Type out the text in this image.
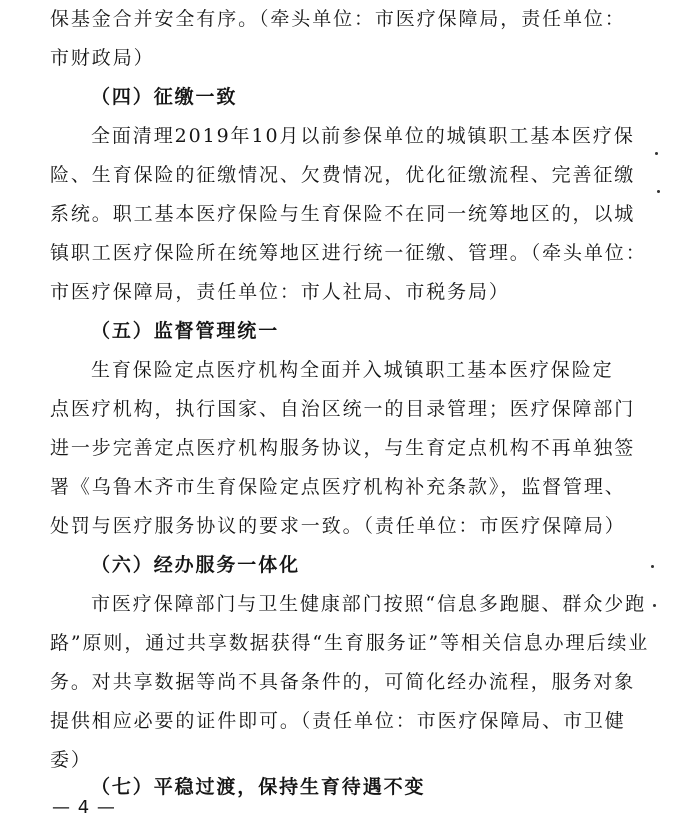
保基金合并安全有序。（牵头单位：市医疗保障局，责任单位：
市财政局）
（四）征缴一致
全面清理2019年10月以前参保单位的城镇职工基本医疗保
险、生育保险的征缴情况、欠费情况，优化征缴流程、完善征缴
系统。职工基本医疗保险与生育保险不在同一统筹地区的，以城
镇职工医疗保险所在统筹地区进行统一征缴、管理。（牵头单位：
市医疗保障局，责任单位：市人社局、市税务局）
（五）监督管理统一
生育保险定点医疗机构全面并入城镇职工基本医疗保险定
点医疗机构，执行国家、自治区统一的目录管理；医疗保障部门
进一步完善定点医疗机构服务协议，与生育定点机构不再单独签
署《乌鲁木齐市生育保险定点医疗机构补充条款》，监督管理、
处罚与医疗服务协议的要求一致。（责任单位：市医疗保障局）
（六）经办服务一体化
市医疗保障部门与卫生健康部门按照“信息多跑腿、群众少跑
路”原则，通过共享数据获得“生育服务证”等相关信息办理后续业
务。对共享数据等尚不具备条件的，可简化经办流程，服务对象
提供相应必要的证件即可。（责任单位：市医疗保障局、市卫健
委）
（七）平稳过渡，保持生育待遇不变
— 4 —
